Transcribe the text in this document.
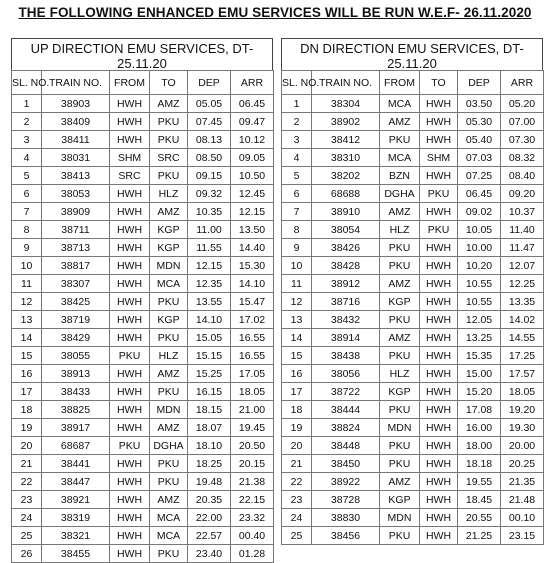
THE FOLLOWING ENHANCED EMU SERVICES WILL BE RUN W.E.F- 26.11.2020
UP DIRECTION EMU SERVICES, DT- 25.11.20
SL. NO.	TRAIN NO.	FROM	TO	DEP	ARR
1	38903	HWH	AMZ	05.05	06.45
2	38409	HWH	PKU	07.45	09.47
3	38411	HWH	PKU	08.13	10.12
4	38031	SHM	SRC	08.50	09.05
5	38413	SRC	PKU	09.15	10.50
6	38053	HWH	HLZ	09.32	12.45
7	38909	HWH	AMZ	10.35	12.15
8	38711	HWH	KGP	11.00	13.50
9	38713	HWH	KGP	11.55	14.40
10	38817	HWH	MDN	12.15	15.30
11	38307	HWH	MCA	12.35	14.10
12	38425	HWH	PKU	13.55	15.47
13	38719	HWH	KGP	14.10	17.02
14	38429	HWH	PKU	15.05	16.55
15	38055	PKU	HLZ	15.15	16.55
16	38913	HWH	AMZ	15.25	17.05
17	38433	HWH	PKU	16.15	18.05
18	38825	HWH	MDN	18.15	21.00
19	38917	HWH	AMZ	18.07	19.45
20	68687	PKU	DGHA	18.10	20.50
21	38441	HWH	PKU	18.25	20.15
22	38447	HWH	PKU	19.48	21.38
23	38921	HWH	AMZ	20.35	22.15
24	38319	HWH	MCA	22.00	23.32
25	38321	HWH	MCA	22.57	00.40
26	38455	HWH	PKU	23.40	01.28
DN DIRECTION EMU SERVICES, DT- 25.11.20
SL. NO.	TRAIN NO.	FROM	TO	DEP	ARR
1	38304	MCA	HWH	03.50	05.20
2	38902	AMZ	HWH	05.30	07.00
3	38412	PKU	HWH	05.40	07.30
4	38310	MCA	SHM	07.03	08.32
5	38202	BZN	HWH	07.25	08.40
6	68688	DGHA	PKU	06.45	09.20
7	38910	AMZ	HWH	09.02	10.37
8	38054	HLZ	PKU	10.05	11.40
9	38426	PKU	HWH	10.00	11.47
10	38428	PKU	HWH	10.20	12.07
11	38912	AMZ	HWH	10.55	12.25
12	38716	KGP	HWH	10.55	13.35
13	38432	PKU	HWH	12.05	14.02
14	38914	AMZ	HWH	13.25	14.55
15	38438	PKU	HWH	15.35	17.25
16	38056	HLZ	HWH	15.00	17.57
17	38722	KGP	HWH	15.20	18.05
18	38444	PKU	HWH	17.08	19.20
19	38824	MDN	HWH	16.00	19.30
20	38448	PKU	HWH	18.00	20.00
21	38450	PKU	HWH	18.18	20.25
22	38922	AMZ	HWH	19.55	21.35
23	38728	KGP	HWH	18.45	21.48
24	38830	MDN	HWH	20.55	00.10
25	38456	PKU	HWH	21.25	23.15
